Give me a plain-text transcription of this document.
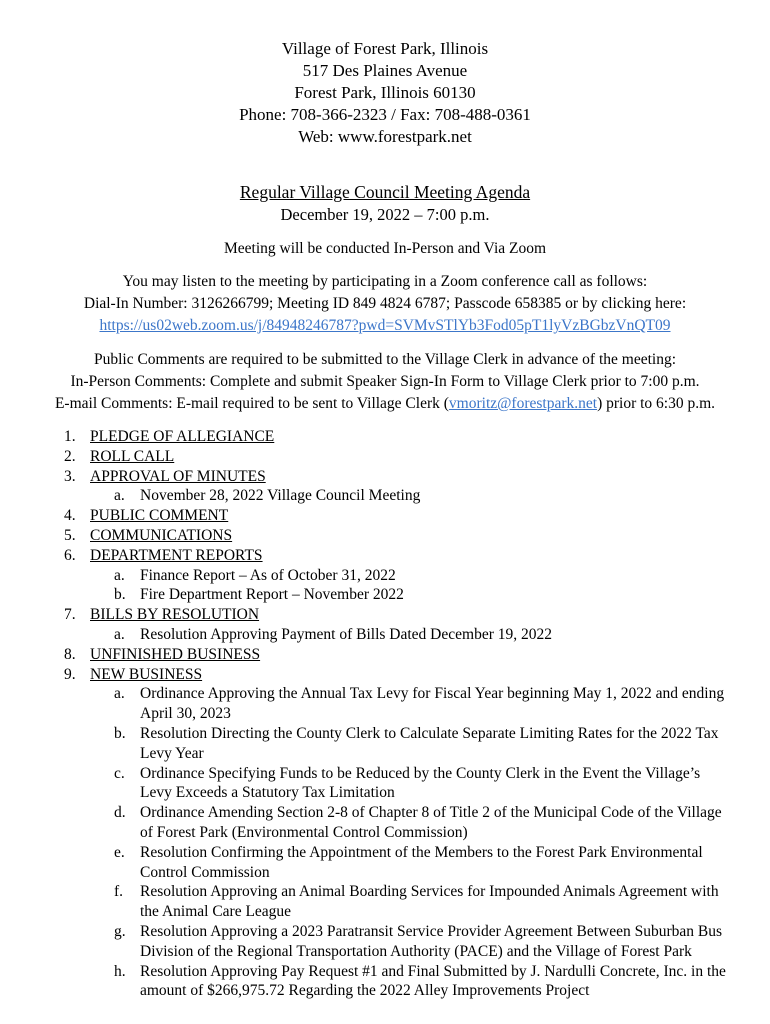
Village of Forest Park, Illinois
517 Des Plaines Avenue
Forest Park, Illinois 60130
Phone: 708-366-2323 / Fax: 708-488-0361
Web: www.forestpark.net
Regular Village Council Meeting Agenda
December 19, 2022 – 7:00 p.m.
Meeting will be conducted In-Person and Via Zoom
You may listen to the meeting by participating in a Zoom conference call as follows:
Dial-In Number: 3126266799; Meeting ID 849 4824 6787; Passcode 658385 or by clicking here:
https://us02web.zoom.us/j/84948246787?pwd=SVMvSTlYb3Fod05pT1lyVzBGbzVnQT09
Public Comments are required to be submitted to the Village Clerk in advance of the meeting:
In-Person Comments: Complete and submit Speaker Sign-In Form to Village Clerk prior to 7:00 p.m.
E-mail Comments: E-mail required to be sent to Village Clerk (vmoritz@forestpark.net) prior to 6:30 p.m.
1. PLEDGE OF ALLEGIANCE
2. ROLL CALL
3. APPROVAL OF MINUTES
a. November 28, 2022 Village Council Meeting
4. PUBLIC COMMENT
5. COMMUNICATIONS
6. DEPARTMENT REPORTS
a. Finance Report – As of October 31, 2022
b. Fire Department Report – November 2022
7. BILLS BY RESOLUTION
a. Resolution Approving Payment of Bills Dated December 19, 2022
8. UNFINISHED BUSINESS
9. NEW BUSINESS
a. Ordinance Approving the Annual Tax Levy for Fiscal Year beginning May 1, 2022 and ending April 30, 2023
b. Resolution Directing the County Clerk to Calculate Separate Limiting Rates for the 2022 Tax Levy Year
c. Ordinance Specifying Funds to be Reduced by the County Clerk in the Event the Village’s Levy Exceeds a Statutory Tax Limitation
d. Ordinance Amending Section 2-8 of Chapter 8 of Title 2 of the Municipal Code of the Village of Forest Park (Environmental Control Commission)
e. Resolution Confirming the Appointment of the Members to the Forest Park Environmental Control Commission
f.	Resolution Approving an Animal Boarding Services for Impounded Animals Agreement with the Animal Care League
g. Resolution Approving a 2023 Paratransit Service Provider Agreement Between Suburban Bus Division of the Regional Transportation Authority (PACE) and the Village of Forest Park
h. Resolution Approving Pay Request #1 and Final Submitted by J. Nardulli Concrete, Inc. in the amount of $266,975.72 Regarding the 2022 Alley Improvements Project
